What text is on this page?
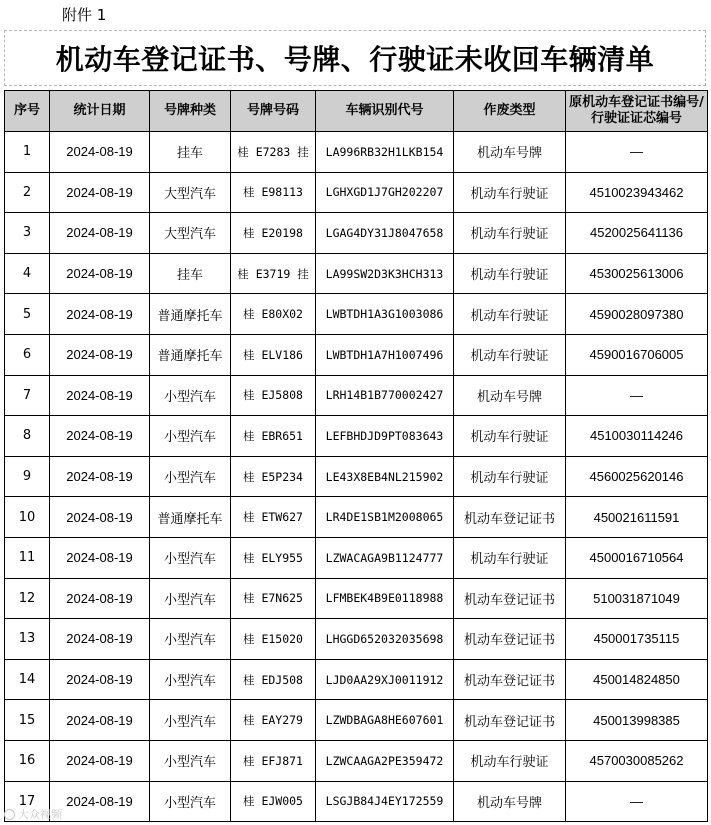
附件 1
机动车登记证书、号牌、行驶证未收回车辆清单
序号	统计日期	号牌种类	号牌号码	车辆识别代号	作废类型	原机动车登记证书编号/行驶证证芯编号
1	2024-08-19	挂车	桂 E7283 挂	LA996RB32H1LKB154	机动车号牌	—
2	2024-08-19	大型汽车	桂 E98113	LGHXGD1J7GH202207	机动车行驶证	4510023943462
3	2024-08-19	大型汽车	桂 E20198	LGAG4DY31J8047658	机动车行驶证	4520025641136
4	2024-08-19	挂车	桂 E3719 挂	LA99SW2D3K3HCH313	机动车行驶证	4530025613006
5	2024-08-19	普通摩托车	桂 E80X02	LWBTDH1A3G1003086	机动车行驶证	4590028097380
6	2024-08-19	普通摩托车	桂 ELV186	LWBTDH1A7H1007496	机动车行驶证	4590016706005
7	2024-08-19	小型汽车	桂 EJ5808	LRH14B1B770002427	机动车号牌	—
8	2024-08-19	小型汽车	桂 EBR651	LEFBHDJD9PT083643	机动车行驶证	4510030114246
9	2024-08-19	小型汽车	桂 E5P234	LE43X8EB4NL215902	机动车行驶证	4560025620146
10	2024-08-19	普通摩托车	桂 ETW627	LR4DE1SB1M2008065	机动车登记证书	450021611591
11	2024-08-19	小型汽车	桂 ELY955	LZWACAGA9B1124777	机动车行驶证	4500016710564
12	2024-08-19	小型汽车	桂 E7N625	LFMBEK4B9E0118988	机动车登记证书	510031871049
13	2024-08-19	小型汽车	桂 E15020	LHGGD652032035698	机动车登记证书	450001735115
14	2024-08-19	小型汽车	桂 EDJ508	LJD0AA29XJ0011912	机动车登记证书	450014824850
15	2024-08-19	小型汽车	桂 EAY279	LZWDBAGA8HE607601	机动车登记证书	450013998385
16	2024-08-19	小型汽车	桂 EFJ871	LZWCAAGA2PE359472	机动车行驶证	4570030085262
17	2024-08-19	小型汽车	桂 EJW005	LSGJB84J4EY172559	机动车号牌	—
大众视频
